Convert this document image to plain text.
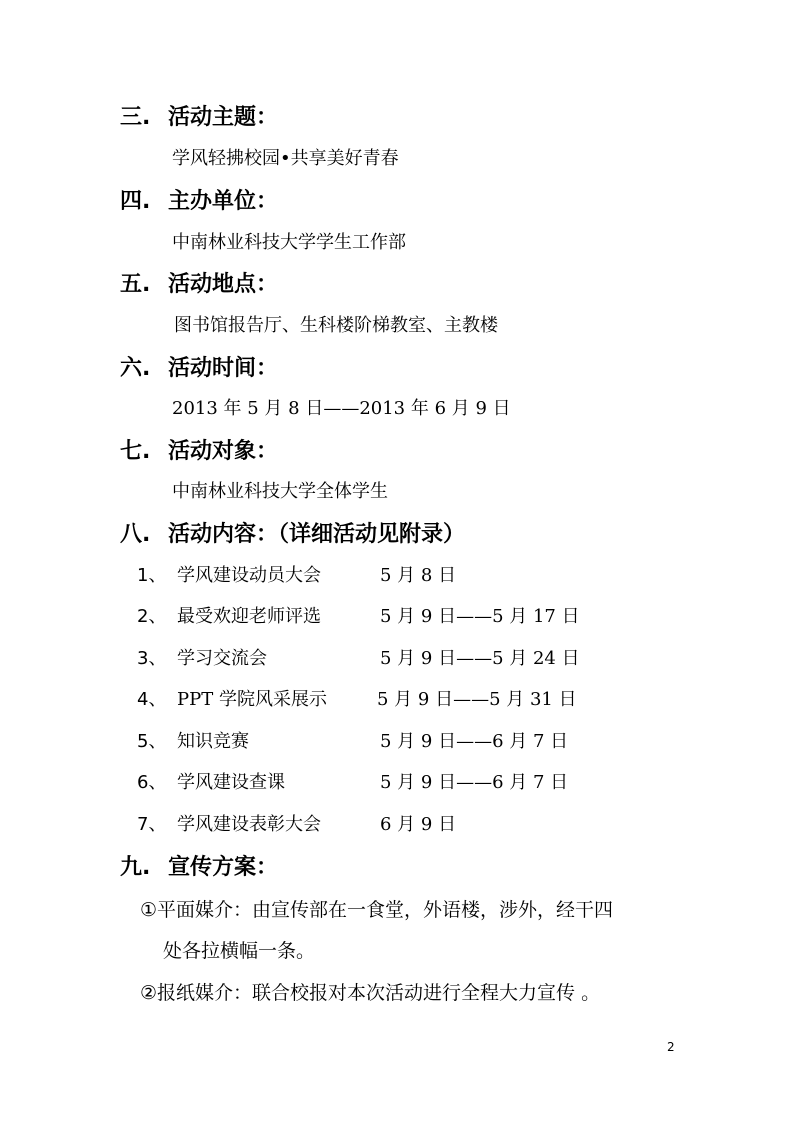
三. 活动主题：
学风轻拂校园•共享美好青春
四. 主办单位：
中南林业科技大学学生工作部
五. 活动地点：
图书馆报告厅、生科楼阶梯教室、主教楼
六. 活动时间：
2013 年 5 月 8 日——2013 年 6 月 9 日
七. 活动对象：
中南林业科技大学全体学生
八. 活动内容：（详细活动见附录）
1、 学风建设动员大会	5 月 8 日
2、 最受欢迎老师评选	5 月 9 日——5 月 17 日
3、 学习交流会	5 月 9 日——5 月 24 日
4、 PPT 学院风采展示	5 月 9 日——5 月 31 日
5、 知识竞赛	5 月 9 日——6 月 7 日
6、 学风建设查课	5 月 9 日——6 月 7 日
7、 学风建设表彰大会	6 月 9 日
九. 宣传方案：
①平面媒介：由宣传部在一食堂，外语楼，涉外，经干四
处各拉横幅一条。
②报纸媒介：联合校报对本次活动进行全程大力宣传 。
2
